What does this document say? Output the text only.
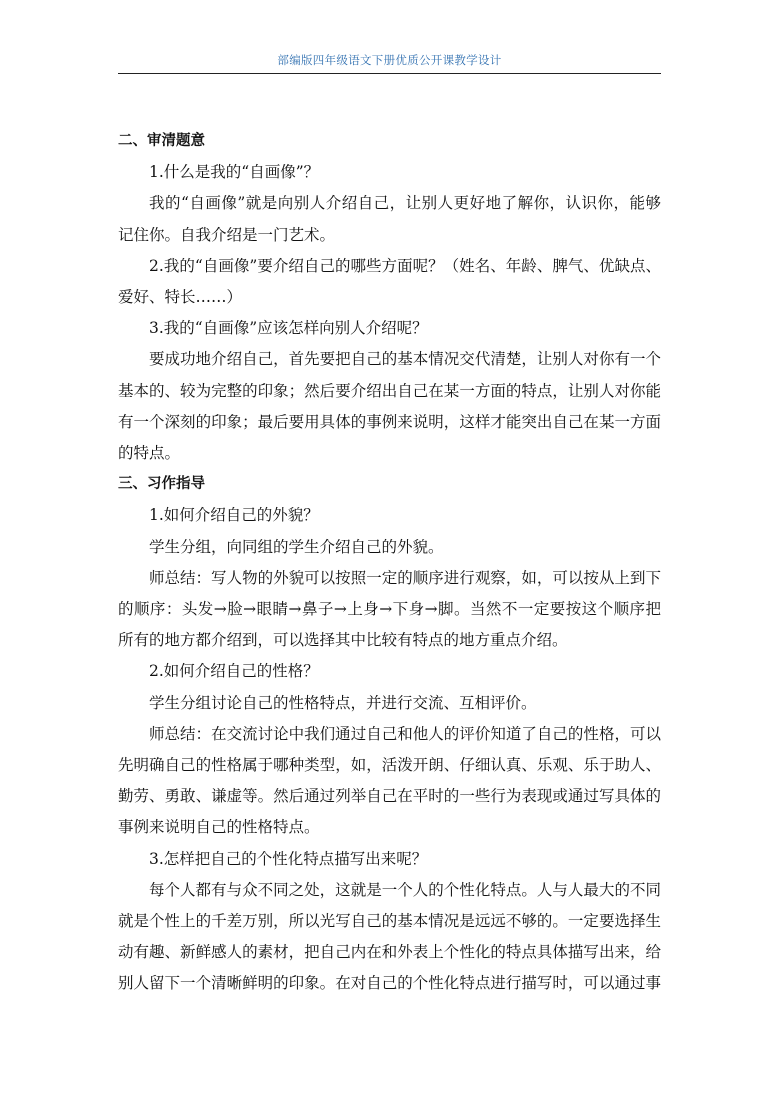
部编版四年级语文下册优质公开课教学设计
二、审清题意
1.什么是我的“自画像”？
我的“自画像”就是向别人介绍自己，让别人更好地了解你，认识你，能够
记住你。自我介绍是一门艺术。
2.我的“自画像”要介绍自己的哪些方面呢？（姓名、年龄、脾气、优缺点、
爱好、特长……）
3.我的“自画像”应该怎样向别人介绍呢？
要成功地介绍自己，首先要把自己的基本情况交代清楚，让别人对你有一个
基本的、较为完整的印象；然后要介绍出自己在某一方面的特点，让别人对你能
有一个深刻的印象；最后要用具体的事例来说明，这样才能突出自己在某一方面
的特点。
三、习作指导
1.如何介绍自己的外貌？
学生分组，向同组的学生介绍自己的外貌。
师总结：写人物的外貌可以按照一定的顺序进行观察，如，可以按从上到下
的顺序：头发→脸→眼睛→鼻子→上身→下身→脚。当然不一定要按这个顺序把
所有的地方都介绍到，可以选择其中比较有特点的地方重点介绍。
2.如何介绍自己的性格？
学生分组讨论自己的性格特点，并进行交流、互相评价。
师总结：在交流讨论中我们通过自己和他人的评价知道了自己的性格，可以
先明确自己的性格属于哪种类型，如，活泼开朗、仔细认真、乐观、乐于助人、
勤劳、勇敢、谦虚等。然后通过列举自己在平时的一些行为表现或通过写具体的
事例来说明自己的性格特点。
3.怎样把自己的个性化特点描写出来呢？
每个人都有与众不同之处，这就是一个人的个性化特点。人与人最大的不同
就是个性上的千差万别，所以光写自己的基本情况是远远不够的。一定要选择生
动有趣、新鲜感人的素材，把自己内在和外表上个性化的特点具体描写出来，给
别人留下一个清晰鲜明的印象。在对自己的个性化特点进行描写时，可以通过事
